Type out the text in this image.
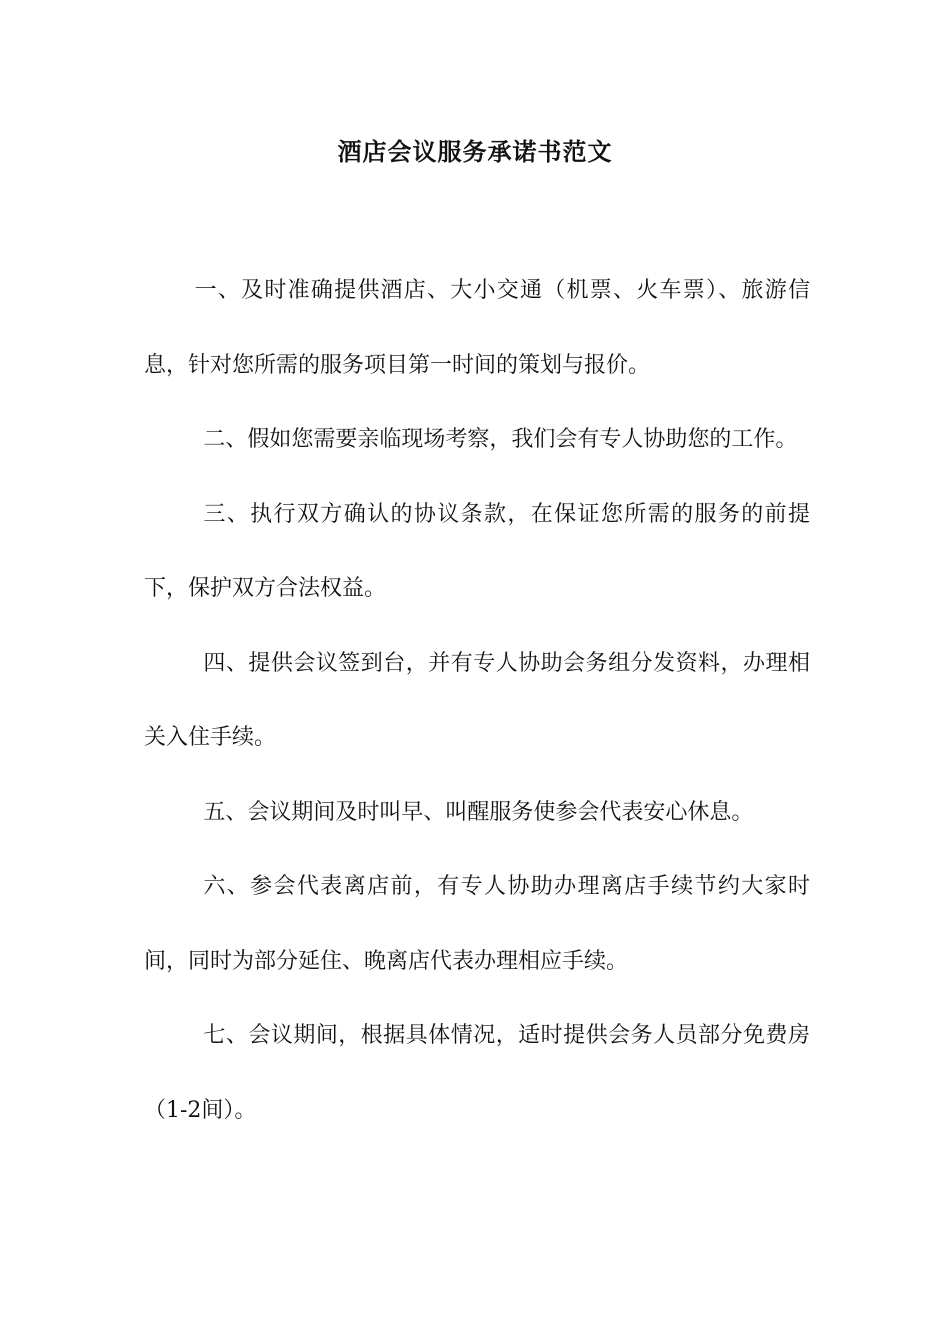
酒店会议服务承诺书范文

一、及时准确提供酒店、大小交通（机票、火车票）、旅游信息，针对您所需的服务项目第一时间的策划与报价。

二、假如您需要亲临现场考察，我们会有专人协助您的工作。

三、执行双方确认的协议条款，在保证您所需的服务的前提下，保护双方合法权益。

四、提供会议签到台，并有专人协助会务组分发资料，办理相关入住手续。

五、会议期间及时叫早、叫醒服务使参会代表安心休息。

六、参会代表离店前，有专人协助办理离店手续节约大家时间，同时为部分延住、晚离店代表办理相应手续。

七、会议期间，根据具体情况，适时提供会务人员部分免费房（1-2间）。
